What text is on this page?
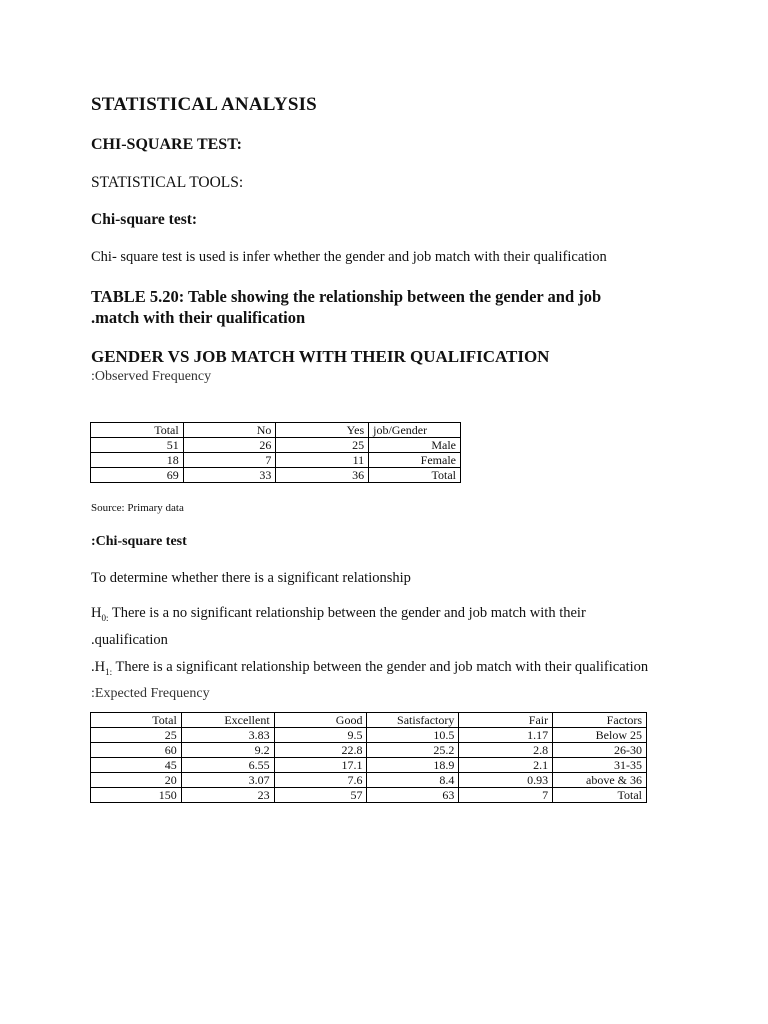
STATISTICAL ANALYSIS
CHI-SQUARE TEST:
STATISTICAL TOOLS:
Chi-square test:
Chi- square test is used is infer whether the gender and job match with their qualification
TABLE 5.20: Table showing the relationship between the gender and job
.match with their qualification
GENDER VS JOB MATCH WITH THEIR QUALIFICATION
:Observed Frequency
Total	No	Yes	job/Gender
51	26	25	Male
18	7	11	Female
69	33	36	Total
Source: Primary data
:Chi-square test
To determine whether there is a significant relationship
$H_{0:}$ There is a no significant relationship between the gender and job match with their
.qualification
$.H_{1:}$ There is a significant relationship between the gender and job match with their qualification
:Expected Frequency
Total	Excellent	Good	Satisfactory	Fair	Factors
25	3.83	9.5	10.5	1.17	Below 25
60	9.2	22.8	25.2	2.8	26-30
45	6.55	17.1	18.9	2.1	31-35
20	3.07	7.6	8.4	0.93	above & 36
150	23	57	63	7	Total
